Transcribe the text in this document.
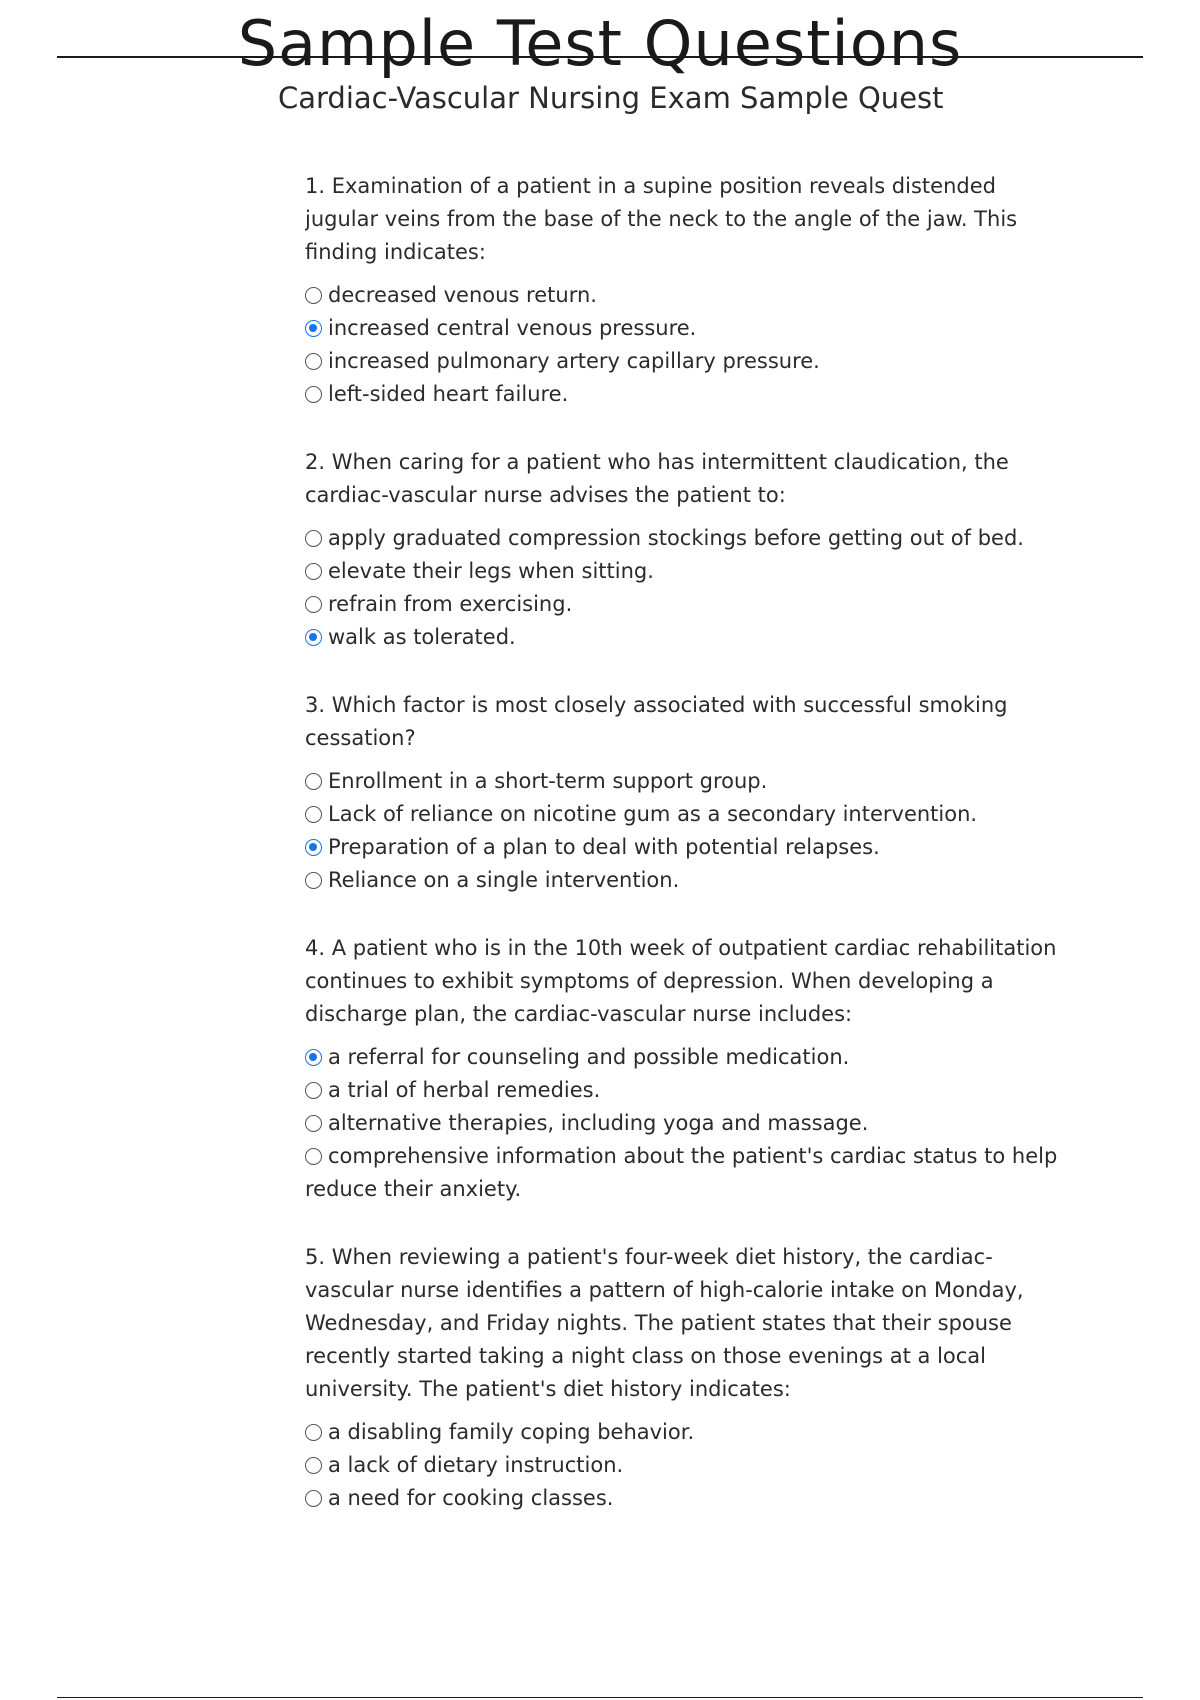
Sample Test Questions
Cardiac-Vascular Nursing Exam Sample Quest

1. Examination of a patient in a supine position reveals distended jugular veins from the base of the neck to the angle of the jaw. This finding indicates:

decreased venous return.
increased central venous pressure.
increased pulmonary artery capillary pressure.
left-sided heart failure.

2. When caring for a patient who has intermittent claudication, the cardiac-vascular nurse advises the patient to:

apply graduated compression stockings before getting out of bed.
elevate their legs when sitting.
refrain from exercising.
walk as tolerated.

3. Which factor is most closely associated with successful smoking cessation?

Enrollment in a short-term support group.
Lack of reliance on nicotine gum as a secondary intervention.
Preparation of a plan to deal with potential relapses.
Reliance on a single intervention.

4. A patient who is in the 10th week of outpatient cardiac rehabilitation continues to exhibit symptoms of depression. When developing a discharge plan, the cardiac-vascular nurse includes:

a referral for counseling and possible medication.
a trial of herbal remedies.
alternative therapies, including yoga and massage.
comprehensive information about the patient's cardiac status to help reduce their anxiety.

5. When reviewing a patient's four-week diet history, the cardiac-vascular nurse identifies a pattern of high-calorie intake on Monday, Wednesday, and Friday nights. The patient states that their spouse recently started taking a night class on those evenings at a local university. The patient's diet history indicates:

a disabling family coping behavior.
a lack of dietary instruction.
a need for cooking classes.
